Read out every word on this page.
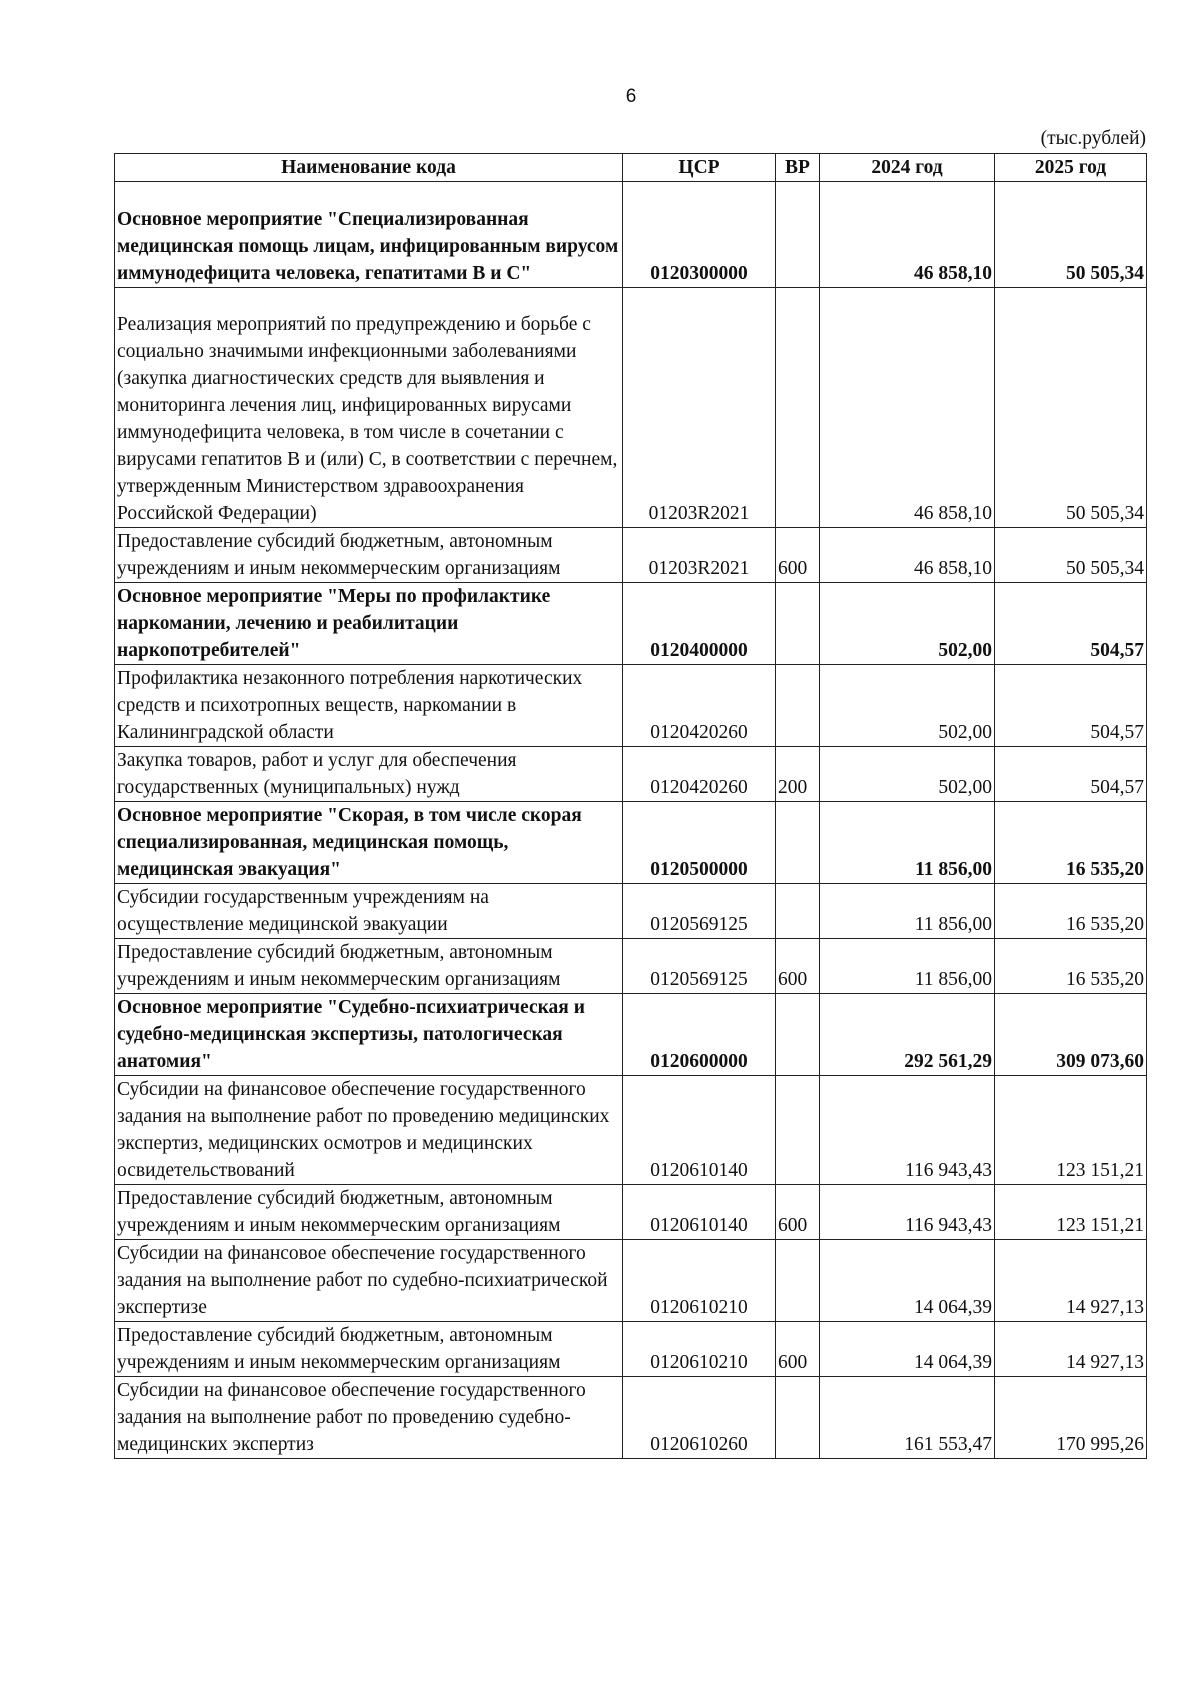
6
(тыс.рублей)
Наименование кода	ЦСР	ВР	2024 год	2025 год
Основное мероприятие "Специализированная медицинская помощь лицам, инфицированным вирусом иммунодефицита человека, гепатитами В и С"	0120300000		46 858,10	50 505,34
Реализация мероприятий по предупреждению и борьбе с социально значимыми инфекционными заболеваниями (закупка диагностических средств для выявления и мониторинга лечения лиц, инфицированных вирусами иммунодефицита человека, в том числе в сочетании с вирусами гепатитов В и (или) С, в соответствии с перечнем, утвержденным Министерством здравоохранения Российской Федерации)	01203R2021		46 858,10	50 505,34
Предоставление субсидий бюджетным, автономным учреждениям и иным некоммерческим организациям	01203R2021	600	46 858,10	50 505,34
Основное мероприятие "Меры по профилактике наркомании, лечению и реабилитации наркопотребителей"	0120400000		502,00	504,57
Профилактика незаконного потребления наркотических средств и психотропных веществ, наркомании в Калининградской области	0120420260		502,00	504,57
Закупка товаров, работ и услуг для обеспечения государственных (муниципальных) нужд	0120420260	200	502,00	504,57
Основное мероприятие "Скорая, в том числе скорая специализированная, медицинская помощь, медицинская эвакуация"	0120500000		11 856,00	16 535,20
Субсидии государственным учреждениям на осуществление медицинской эвакуации	0120569125		11 856,00	16 535,20
Предоставление субсидий бюджетным, автономным учреждениям и иным некоммерческим организациям	0120569125	600	11 856,00	16 535,20
Основное мероприятие "Судебно-психиатрическая и судебно-медицинская экспертизы, патологическая анатомия"	0120600000		292 561,29	309 073,60
Субсидии на финансовое обеспечение государственного задания на выполнение работ по проведению медицинских экспертиз, медицинских осмотров и медицинских освидетельствований	0120610140		116 943,43	123 151,21
Предоставление субсидий бюджетным, автономным учреждениям и иным некоммерческим организациям	0120610140	600	116 943,43	123 151,21
Субсидии на финансовое обеспечение государственного задания на выполнение работ по судебно-психиатрической экспертизе	0120610210		14 064,39	14 927,13
Предоставление субсидий бюджетным, автономным учреждениям и иным некоммерческим организациям	0120610210	600	14 064,39	14 927,13
Субсидии на финансовое обеспечение государственного задания на выполнение работ по проведению судебно-медицинских экспертиз	0120610260		161 553,47	170 995,26
